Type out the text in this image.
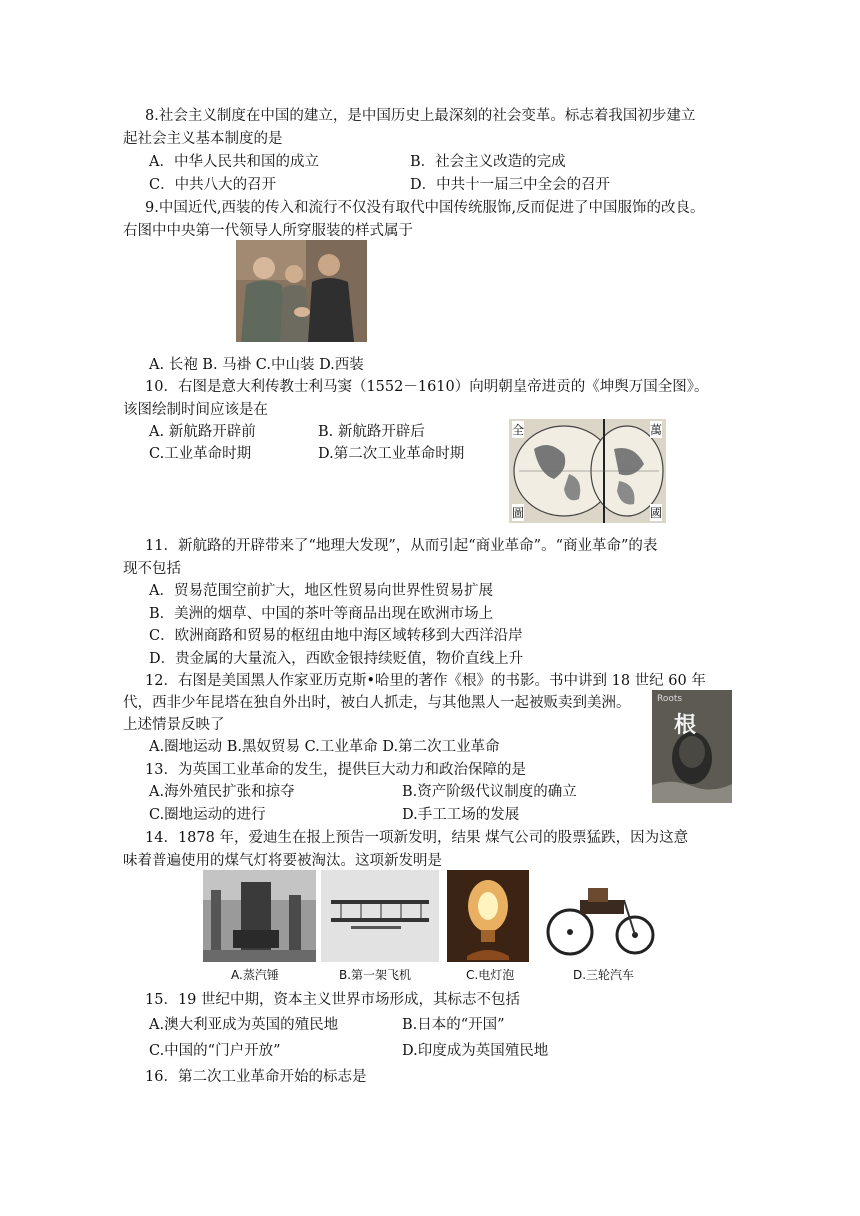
8.社会主义制度在中国的建立，是中国历史上最深刻的社会变革。标志着我国初步建立
起社会主义基本制度的是
A．中华人民共和国的成立	B．社会主义改造的完成
C．中共八大的召开	D．中共十一届三中全会的召开
9.中国近代,西装的传入和流行不仅没有取代中国传统服饰,反而促进了中国服饰的改良。
右图中中央第一代领导人所穿服装的样式属于
A. 长袍 B. 马褂 C.中山装 D.西装
10．右图是意大利传教士利马窦（1552－1610）向明朝皇帝进贡的《坤舆万国全图》。
该图绘制时间应该是在
A. 新航路开辟前	B. 新航路开辟后
C.工业革命时期	D.第二次工业革命时期
全	萬
圖	國
11．新航路的开辟带来了“地理大发现”，从而引起“商业革命”。“商业革命”的表
现不包括
A．贸易范围空前扩大，地区性贸易向世界性贸易扩展
B．美洲的烟草、中国的茶叶等商品出现在欧洲市场上
C．欧洲商路和贸易的枢纽由地中海区域转移到大西洋沿岸
D．贵金属的大量流入，西欧金银持续贬值，物价直线上升
12．右图是美国黑人作家亚历克斯•哈里的著作《根》的书影。书中讲到 18 世纪 60 年
代，西非少年昆塔在独自外出时，被白人抓走，与其他黑人一起被贩卖到美洲。
上述情景反映了
A.圈地运动 B.黑奴贸易 C.工业革命 D.第二次工业革命
Roots
根
13．为英国工业革命的发生，提供巨大动力和政治保障的是
A.海外殖民扩张和掠夺	B.资产阶级代议制度的确立
C.圈地运动的进行	D.手工工场的发展
14．1878 年，爱迪生在报上预告一项新发明，结果 煤气公司的股票猛跌，因为这意
味着普遍使用的煤气灯将要被淘汰。这项新发明是
A.蒸汽锤	B.第一架飞机	C.电灯泡	D.三轮汽车
15．19 世纪中期，资本主义世界市场形成，其标志不包括
A.澳大利亚成为英国的殖民地	B.日本的“开国”
C.中国的“门户开放”	D.印度成为英国殖民地
16．第二次工业革命开始的标志是
